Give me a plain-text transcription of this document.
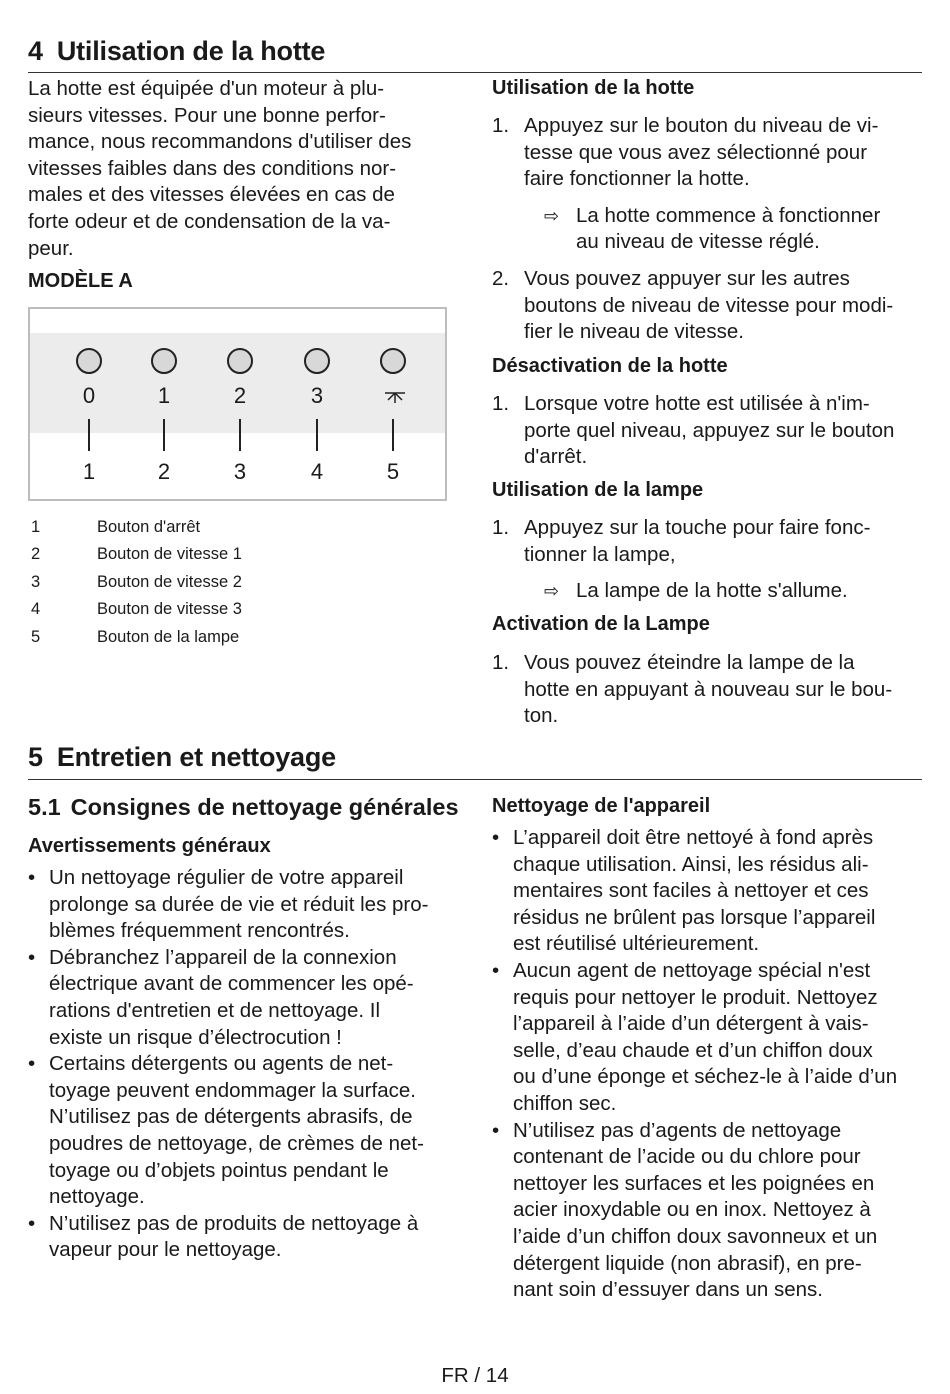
4 Utilisation de la hotte
La hotte est équipée d'un moteur à plu-
sieurs vitesses. Pour une bonne perfor-
mance, nous recommandons d'utiliser des
vitesses faibles dans des conditions nor-
males et des vitesses élevées en cas de
forte odeur et de condensation de la va-
peur.
MODÈLE A
0	1	2	3
1	2	3	4	5
1	Bouton d'arrêt
2	Bouton de vitesse 1
3	Bouton de vitesse 2
4	Bouton de vitesse 3
5	Bouton de la lampe
Utilisation de la hotte
1. Appuyez sur le bouton du niveau de vi-
tesse que vous avez sélectionné pour
faire fonctionner la hotte.
⇨ La hotte commence à fonctionner
au niveau de vitesse réglé.
2. Vous pouvez appuyer sur les autres
boutons de niveau de vitesse pour modi-
fier le niveau de vitesse.
Désactivation de la hotte
1. Lorsque votre hotte est utilisée à n'im-
porte quel niveau, appuyez sur le bouton
d'arrêt.
Utilisation de la lampe
1. Appuyez sur la touche pour faire fonc-
tionner la lampe,
⇨ La lampe de la hotte s'allume.
Activation de la Lampe
1. Vous pouvez éteindre la lampe de la
hotte en appuyant à nouveau sur le bou-
ton.
5 Entretien et nettoyage
5.1 Consignes de nettoyage générales
Avertissements généraux
• Un nettoyage régulier de votre appareil
prolonge sa durée de vie et réduit les pro-
blèmes fréquemment rencontrés.
• Débranchez l’appareil de la connexion
électrique avant de commencer les opé-
rations d'entretien et de nettoyage. Il
existe un risque d’électrocution !
• Certains détergents ou agents de net-
toyage peuvent endommager la surface.
N’utilisez pas de détergents abrasifs, de
poudres de nettoyage, de crèmes de net-
toyage ou d’objets pointus pendant le
nettoyage.
• N’utilisez pas de produits de nettoyage à
vapeur pour le nettoyage.
Nettoyage de l'appareil
• L’appareil doit être nettoyé à fond après
chaque utilisation. Ainsi, les résidus ali-
mentaires sont faciles à nettoyer et ces
résidus ne brûlent pas lorsque l’appareil
est réutilisé ultérieurement.
• Aucun agent de nettoyage spécial n'est
requis pour nettoyer le produit. Nettoyez
l’appareil à l’aide d’un détergent à vais-
selle, d’eau chaude et d’un chiffon doux
ou d’une éponge et séchez-le à l’aide d’un
chiffon sec.
• N’utilisez pas d’agents de nettoyage
contenant de l’acide ou du chlore pour
nettoyer les surfaces et les poignées en
acier inoxydable ou en inox. Nettoyez à
l’aide d’un chiffon doux savonneux et un
détergent liquide (non abrasif), en pre-
nant soin d’essuyer dans un sens.
FR / 14
